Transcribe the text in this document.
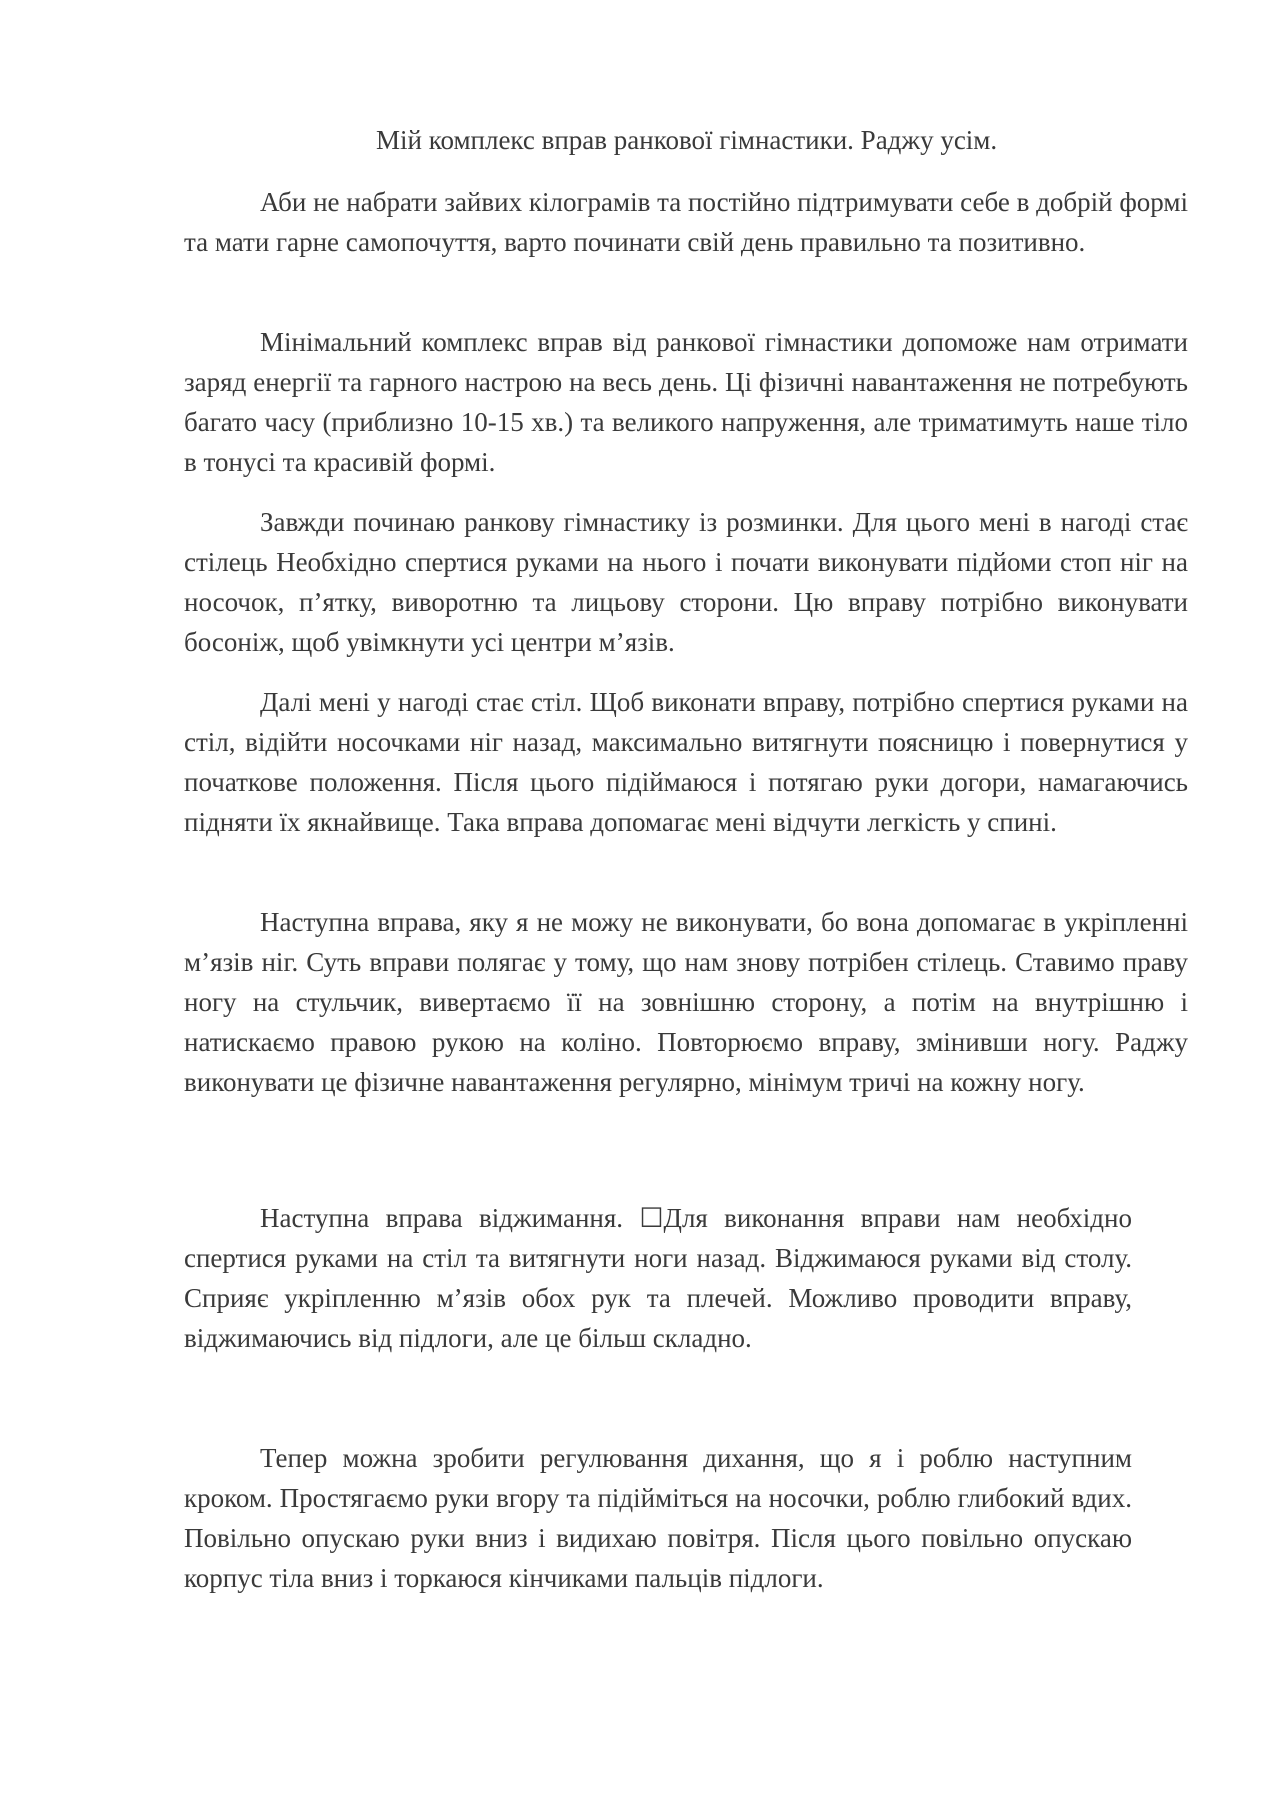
Мій комплекс вправ ранкової гімнастики. Раджу усім.

Аби не набрати зайвих кілограмів та постійно підтримувати себе в добрій формі та мати гарне самопочуття, варто починати свій день правильно та позитивно.

Мінімальний комплекс вправ від ранкової гімнастики допоможе нам отримати заряд енергії та гарного настрою на весь день. Ці фізичні навантаження не потребують багато часу (приблизно 10-15 хв.) та великого напруження, але триматимуть наше тіло в тонусі та красивій формі.

Завжди починаю ранкову гімнастику із розминки. Для цього мені в нагоді стає стілець Необхідно спертися руками на нього і почати виконувати підйоми стоп ніг на носочок, п’ятку, виворотню та лицьову сторони. Цю вправу потрібно виконувати босоніж, щоб увімкнути усі центри м’язів.

Далі мені у нагоді стає стіл. Щоб виконати вправу, потрібно спертися руками на стіл, відійти носочками ніг назад, максимально витягнути поясницю і повернутися у початкове положення. Після цього підіймаюся і потягаю руки догори, намагаючись підняти їх якнайвище. Така вправа допомагає мені відчути легкість у спині.

Наступна вправа, яку я не можу не виконувати, бо вона допомагає в укріпленні м’язів ніг. Суть вправи полягає у тому, що нам знову потрібен стілець. Ставимо праву ногу на стульчик, вивертаємо її на зовнішню сторону, а потім на внутрішню і натискаємо правою рукою на коліно. Повторюємо вправу, змінивши ногу. Раджу виконувати це фізичне навантаження регулярно, мінімум тричі на кожну ногу.

Наступна вправа віджимання. ☐Для виконання вправи нам необхідно спертися руками на стіл та витягнути ноги назад. Віджимаюся руками від столу. Сприяє укріпленню м’язів обох рук та плечей. Можливо проводити вправу, віджимаючись від підлоги, але це більш складно.

Тепер можна зробити регулювання дихання, що я і роблю наступним кроком. Простягаємо руки вгору та підійміться на носочки, роблю глибокий вдих. Повільно опускаю руки вниз і видихаю повітря. Після цього повільно опускаю корпус тіла вниз і торкаюся кінчиками пальців підлоги.
